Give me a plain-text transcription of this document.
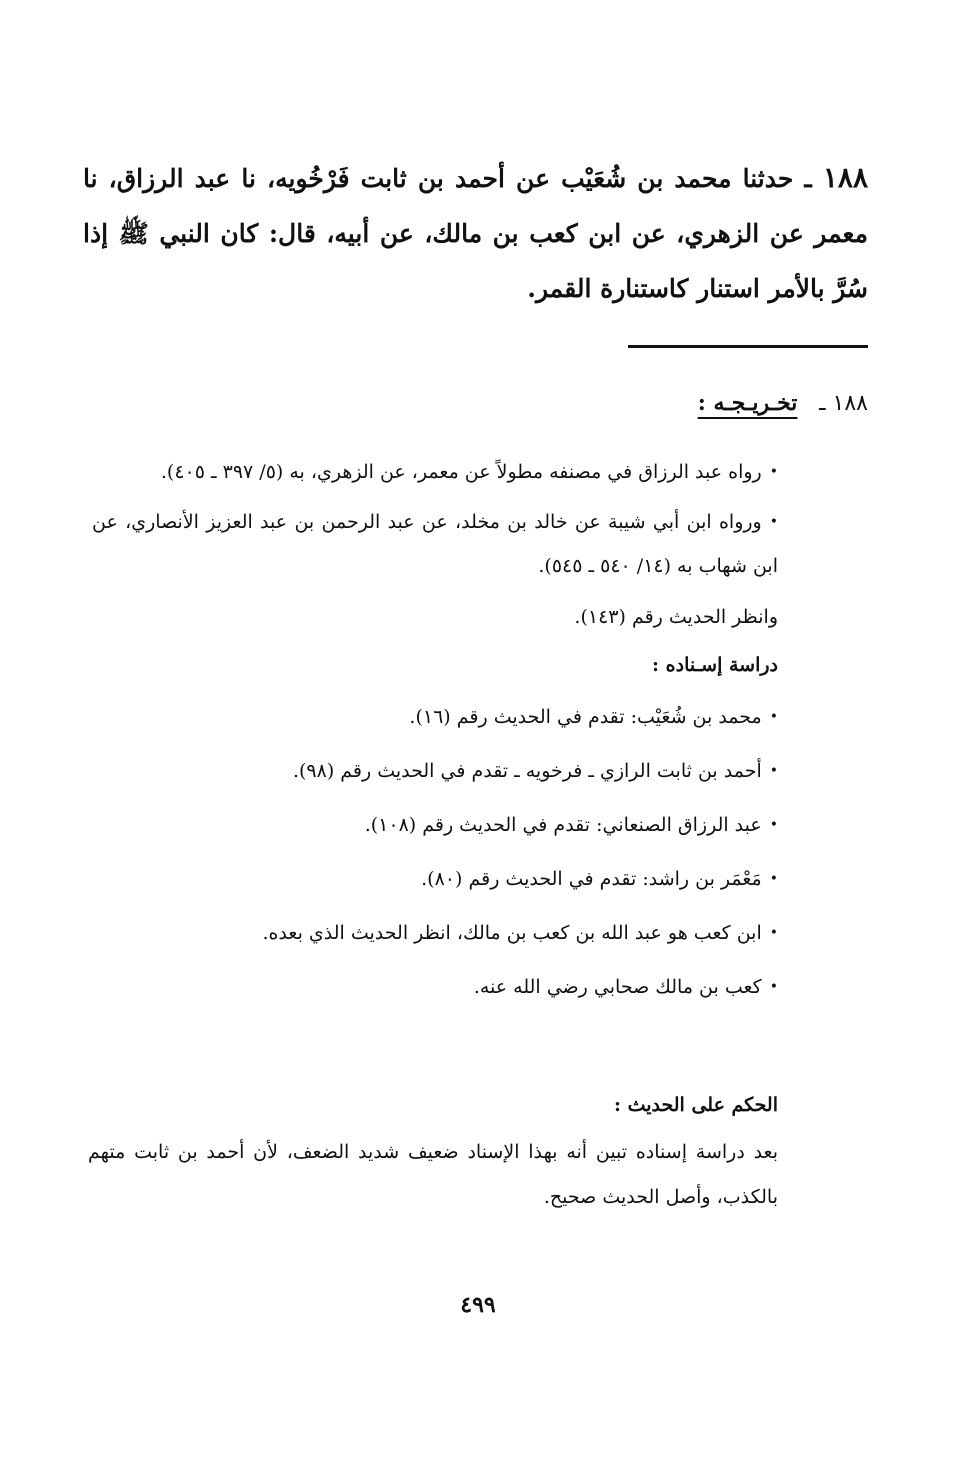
١٨٨ ـ حدثنا محمد بن شُعَيْب عن أحمد بن ثابت فَرْخُويه، نا عبد الرزاق، نا معمر عن الزهري، عن ابن كعب بن مالك، عن أبيه، قال: كان النبي ﷺ إذا سُرَّ بالأمر استنار كاستنارة القمر.
١٨٨ ـ تخـريـجـه :

•رواه عبد الرزاق في مصنفه مطولاً عن معمر، عن الزهري، به (٥/ ٣٩٧ ـ ٤٠٥).

•ورواه ابن أبي شيبة عن خالد بن مخلد، عن عبد الرحمن بن عبد العزيز الأنصاري، عن ابن شهاب به (١٤/ ٥٤٠ ـ ٥٤٥).

وانظر الحديث رقم (١٤٣).

دراسة إسـناده :

•محمد بن شُعَيْب: تقدم في الحديث رقم (١٦).

•أحمد بن ثابت الرازي ـ فرخويه ـ تقدم في الحديث رقم (٩٨).

•عبد الرزاق الصنعاني: تقدم في الحديث رقم (١٠٨).

•مَعْمَر بن راشد: تقدم في الحديث رقم (٨٠).

•ابن كعب هو عبد الله بن كعب بن مالك، انظر الحديث الذي بعده.

•كعب بن مالك صحابي رضي الله عنه.

الحكم على الحديث :

بعد دراسة إسناده تبين أنه بهذا الإسناد ضعيف شديد الضعف، لأن أحمد بن ثابت متهم بالكذب، وأصل الحديث صحيح.

٤٩٩
